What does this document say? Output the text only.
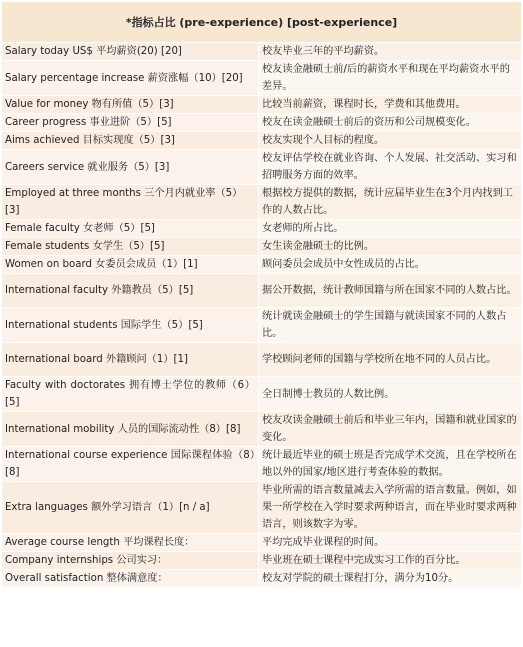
*指标占比 (pre-experience) [post-experience]	
Salary today US$ 平均薪资(20) [20]	校友毕业三年的平均薪资。
Salary percentage increase 薪资涨幅（10）[20]	校友读金融硕士前/后的薪资水平和现在平均薪资水平的差异。
Value for money 物有所值（5）[3]	比较当前薪资，课程时长，学费和其他费用。
Career progress 事业进阶（5）[5]	校友在读金融硕士前后的资历和公司规模变化。
Aims achieved 目标实现度（5）[3]	校友实现个人目标的程度。
Careers service 就业服务（5）[3]	校友评估学校在就业咨询、个人发展、社交活动、实习和招聘服务方面的效率。
Employed at three months 三个月内就业率（5）[3]	根据校方提供的数据，统计应届毕业生在3个月内找到工作的人数占比。
Female faculty 女老师（5）[5]	女老师的所占比。
Female students 女学生（5）[5]	女生读金融硕士的比例。
Women on board 女委员会成员（1）[1]	顾问委员会成员中女性成员的占比。
International faculty 外籍教员（5）[5]	据公开数据，统计教师国籍与所在国家不同的人数占比。
International students 国际学生（5）[5]	统计就读金融硕士的学生国籍与就读国家不同的人数占比。
International board 外籍顾问（1）[1]	学校顾问老师的国籍与学校所在地不同的人员占比。
Faculty with doctorates 拥有博士学位的教师（6）[5]	全日制博士教员的人数比例。
International mobility 人员的国际流动性（8）[8]	校友攻读金融硕士前后和毕业三年内，国籍和就业国家的变化。
International course experience 国际课程体验（8）[8]	统计最近毕业的硕士班是否完成学术交流，且在学校所在地以外的国家/地区进行考查体验的数据。
Extra languages 额外学习语言（1）[n / a]	毕业所需的语言数量减去入学所需的语言数量。例如，如果一所学校在入学时要求两种语言，而在毕业时要求两种语言，则该数字为零。
Average course length 平均课程长度：	平均完成毕业课程的时间。
Company internships 公司实习：	毕业班在硕士课程中完成实习工作的百分比。
Overall satisfaction 整体满意度：	校友对学院的硕士课程打分，满分为10分。
